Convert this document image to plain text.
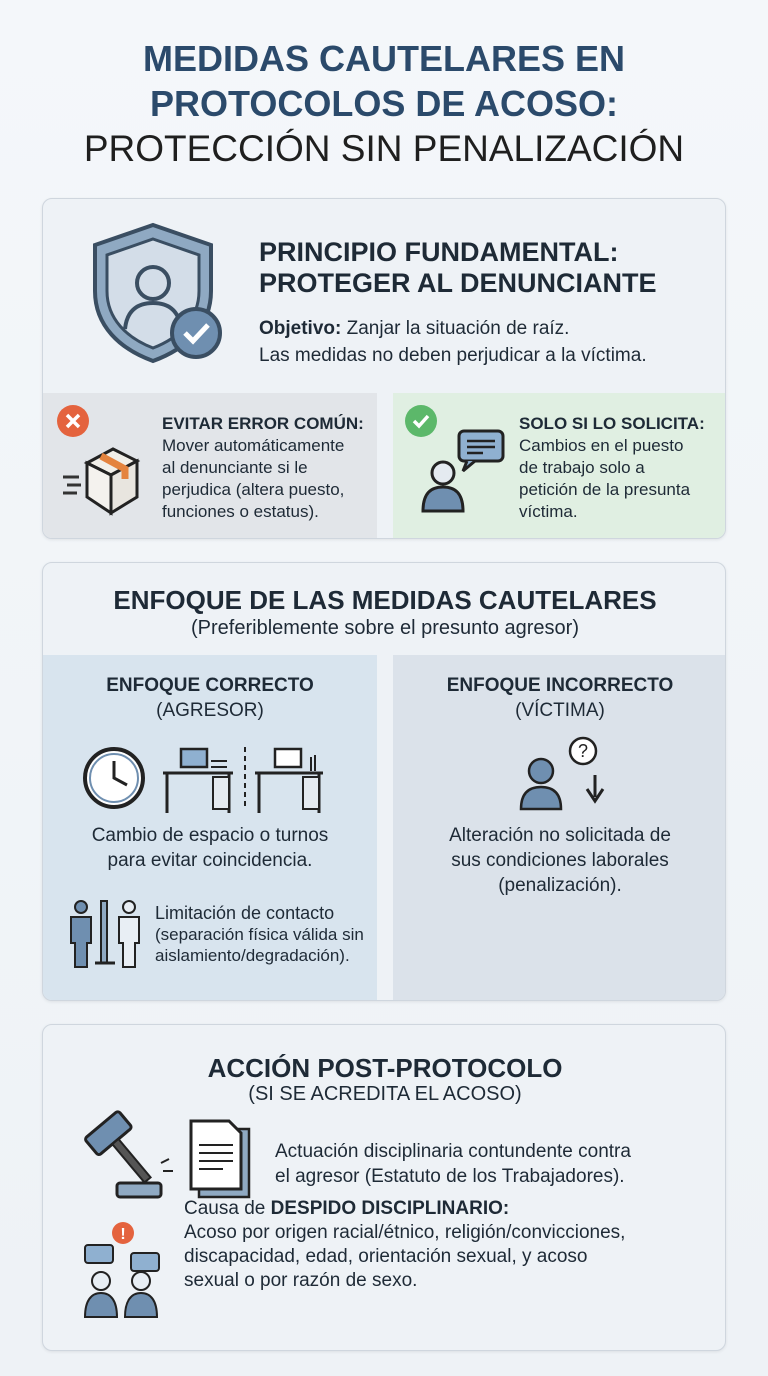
MEDIDAS CAUTELARES EN
PROTOCOLOS DE ACOSO:
PROTECCIÓN SIN PENALIZACIÓN
PRINCIPIO FUNDAMENTAL:
PROTEGER AL DENUNCIANTE
Objetivo: Zanjar la situación de raíz.
Las medidas no deben perjudicar a la víctima.
EVITAR ERROR COMÚN:
Mover automáticamente
al denunciante si le
perjudica (altera puesto,
funciones o estatus).
SOLO SI LO SOLICITA:
Cambios en el puesto
de trabajo solo a
petición de la presunta
víctima.
ENFOQUE DE LAS MEDIDAS CAUTELARES
(Preferiblemente sobre el presunto agresor)
ENFOQUE CORRECTO
(AGRESOR)
Cambio de espacio o turnos
para evitar coincidencia.
Limitación de contacto
(separación física válida sin
aislamiento/degradación).
ENFOQUE INCORRECTO
(VÍCTIMA)
?
Alteración no solicitada de
sus condiciones laborales
(penalización).
ACCIÓN POST-PROTOCOLO
(SI SE ACREDITA EL ACOSO)
Actuación disciplinaria contundente contra
el agresor (Estatuto de los Trabajadores).
!
Causa de DESPIDO DISCIPLINARIO:
Acoso por origen racial/étnico, religión/convicciones,
discapacidad, edad, orientación sexual, y acoso
sexual o por razón de sexo.
